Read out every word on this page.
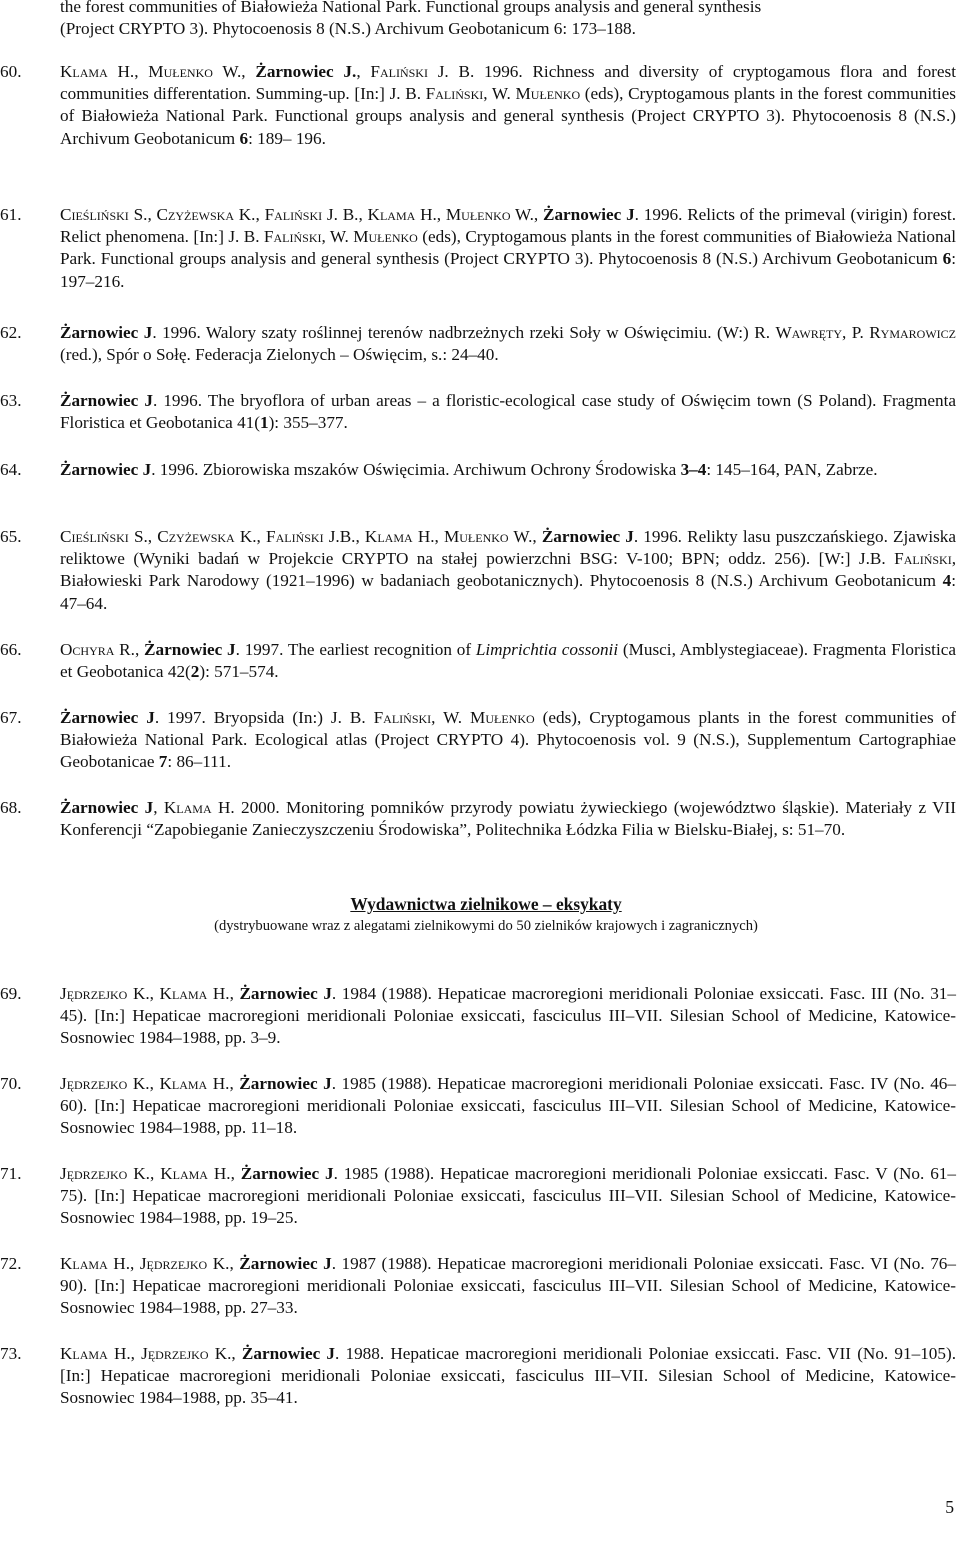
the forest communities of Białowieża National Park. Functional groups analysis and general synthesis
(Project CRYPTO 3). Phytocoenosis 8 (N.S.) Archivum Geobotanicum 6: 173–188.
60.	Klama H., Mułenko W., Żarnowiec J., Faliński J. B. 1996. Richness and diversity of cryptogamous flora and forest communities differentation. Summing-up. [In:] J. B. Faliński, W. Mułenko (eds), Cryptogamous plants in the forest communities of Białowieża National Park. Functional groups analysis and general synthesis (Project CRYPTO 3). Phytocoenosis 8 (N.S.) Archivum Geobotanicum 6: 189– 196.
61.	Cieśliński S., Czyżewska K., Faliński J. B., Klama H., Mułenko W., Żarnowiec J. 1996. Relicts of the primeval (virigin) forest. Relict phenomena. [In:] J. B. Faliński, W. Mułenko (eds), Cryptogamous plants in the forest communities of Białowieża National Park. Functional groups analysis and general synthesis (Project CRYPTO 3). Phytocoenosis 8 (N.S.) Archivum Geobotanicum 6: 197–216.
62.	Żarnowiec J. 1996. Walory szaty roślinnej terenów nadbrzeżnych rzeki Soły w Oświęcimiu. (W:) R. Wawręty, P. Rymarowicz (red.), Spór o Sołę. Federacja Zielonych – Oświęcim, s.: 24–40.
63.	Żarnowiec J. 1996. The bryoflora of urban areas – a floristic-ecological case study of Oświęcim town (S Poland). Fragmenta Floristica et Geobotanica 41(1): 355–377.
64.	Żarnowiec J. 1996. Zbiorowiska mszaków Oświęcimia. Archiwum Ochrony Środowiska 3–4: 145–164, PAN, Zabrze.
65.	Cieśliński S., Czyżewska K., Faliński J.B., Klama H., Mułenko W., Żarnowiec J. 1996. Relikty lasu puszczańskiego. Zjawiska reliktowe (Wyniki badań w Projekcie CRYPTO na stałej powierzchni BSG: V-100; BPN; oddz. 256). [W:] J.B. Faliński, Białowieski Park Narodowy (1921–1996) w badaniach geobotanicznych). Phytocoenosis 8 (N.S.) Archivum Geobotanicum 4: 47–64.
66.	Ochyra R., Żarnowiec J. 1997. The earliest recognition of Limprichtia cossonii (Musci, Amblystegiaceae). Fragmenta Floristica et Geobotanica 42(2): 571–574.
67.	Żarnowiec J. 1997. Bryopsida (In:) J. B. Faliński, W. Mułenko (eds), Cryptogamous plants in the forest communities of Białowieża National Park. Ecological atlas (Project CRYPTO 4). Phytocoenosis vol. 9 (N.S.), Supplementum Cartographiae Geobotanicae 7: 86–111.
68.	Żarnowiec J, Klama H. 2000. Monitoring pomników przyrody powiatu żywieckiego (województwo śląskie). Materiały z VII Konferencji “Zapobieganie Zanieczyszczeniu Środowiska”, Politechnika Łódzka Filia w Bielsku-Białej, s: 51–70.
Wydawnictwa zielnikowe – eksykaty
(dystrybuowane wraz z alegatami zielnikowymi do 50 zielników krajowych i zagranicznych)
69.	Jędrzejko K., Klama H., Żarnowiec J. 1984 (1988). Hepaticae macroregioni meridionali Poloniae exsiccati. Fasc. III (No. 31–45). [In:] Hepaticae macroregioni meridionali Poloniae exsiccati, fasciculus III–VII. Silesian School of Medicine, Katowice-Sosnowiec 1984–1988, pp. 3–9.
70.	Jędrzejko K., Klama H., Żarnowiec J. 1985 (1988). Hepaticae macroregioni meridionali Poloniae exsiccati. Fasc. IV (No. 46–60). [In:] Hepaticae macroregioni meridionali Poloniae exsiccati, fasciculus III–VII. Silesian School of Medicine, Katowice-Sosnowiec 1984–1988, pp. 11–18.
71.	Jędrzejko K., Klama H., Żarnowiec J. 1985 (1988). Hepaticae macroregioni meridionali Poloniae exsiccati. Fasc. V (No. 61–75). [In:] Hepaticae macroregioni meridionali Poloniae exsiccati, fasciculus III–VII. Silesian School of Medicine, Katowice-Sosnowiec 1984–1988, pp. 19–25.
72.	Klama H., Jędrzejko K., Żarnowiec J. 1987 (1988). Hepaticae macroregioni meridionali Poloniae exsiccati. Fasc. VI (No. 76–90). [In:] Hepaticae macroregioni meridionali Poloniae exsiccati, fasciculus III–VII. Silesian School of Medicine, Katowice-Sosnowiec 1984–1988, pp. 27–33.
73.	Klama H., Jędrzejko K., Żarnowiec J. 1988. Hepaticae macroregioni meridionali Poloniae exsiccati. Fasc. VII (No. 91–105). [In:] Hepaticae macroregioni meridionali Poloniae exsiccati, fasciculus III–VII. Silesian School of Medicine, Katowice-Sosnowiec 1984–1988, pp. 35–41.
5
